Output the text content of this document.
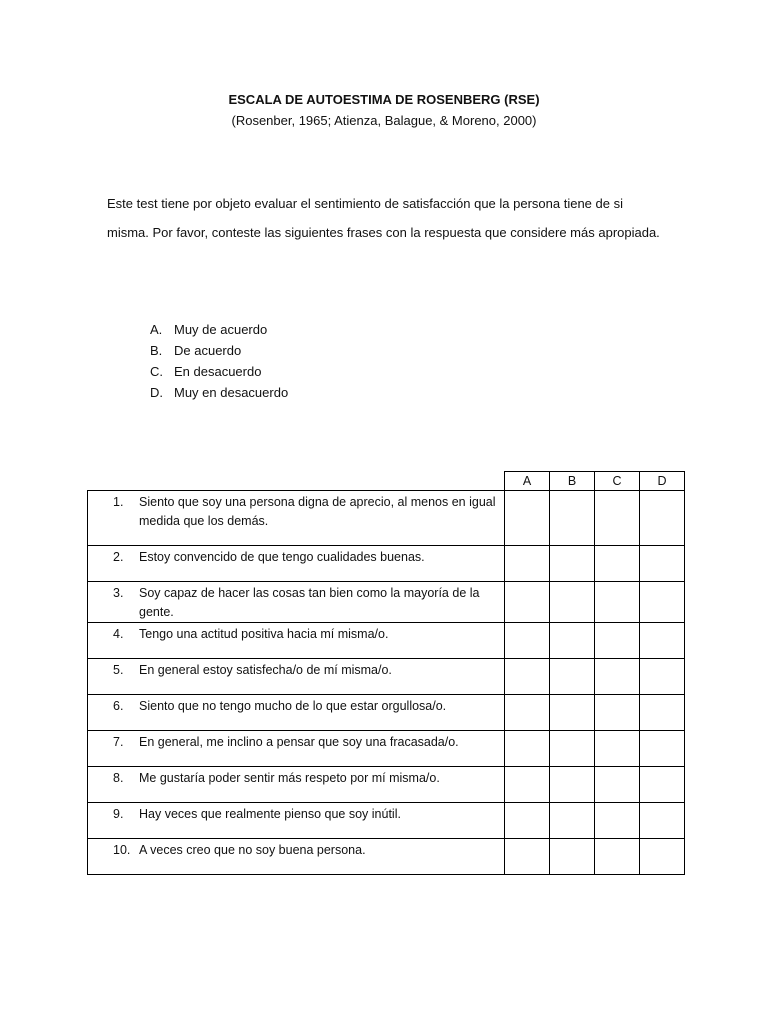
ESCALA DE AUTOESTIMA DE ROSENBERG (RSE)
(Rosenber, 1965; Atienza, Balague, & Moreno, 2000)
Este test tiene por objeto evaluar el sentimiento de satisfacción que la persona tiene de si misma. Por favor, conteste las siguientes frases con la respuesta que considere más apropiada.
A. Muy de acuerdo
B. De acuerdo
C. En desacuerdo
D. Muy en desacuerdo
	A	B	C	D

1. Siento que soy una persona digna de aprecio, al menos en igual medida que los demás.				

2. Estoy convencido de que tengo cualidades buenas.				

3. Soy capaz de hacer las cosas tan bien como la mayoría de la gente.				

4. Tengo una actitud positiva hacia mí misma/o.				

5. En general estoy satisfecha/o de mí misma/o.				

6. Siento que no tengo mucho de lo que estar orgullosa/o.				

7. En general, me inclino a pensar que soy una fracasada/o.				

8. Me gustaría poder sentir más respeto por mí misma/o.				

9. Hay veces que realmente pienso que soy inútil.				

10. A veces creo que no soy buena persona.				
